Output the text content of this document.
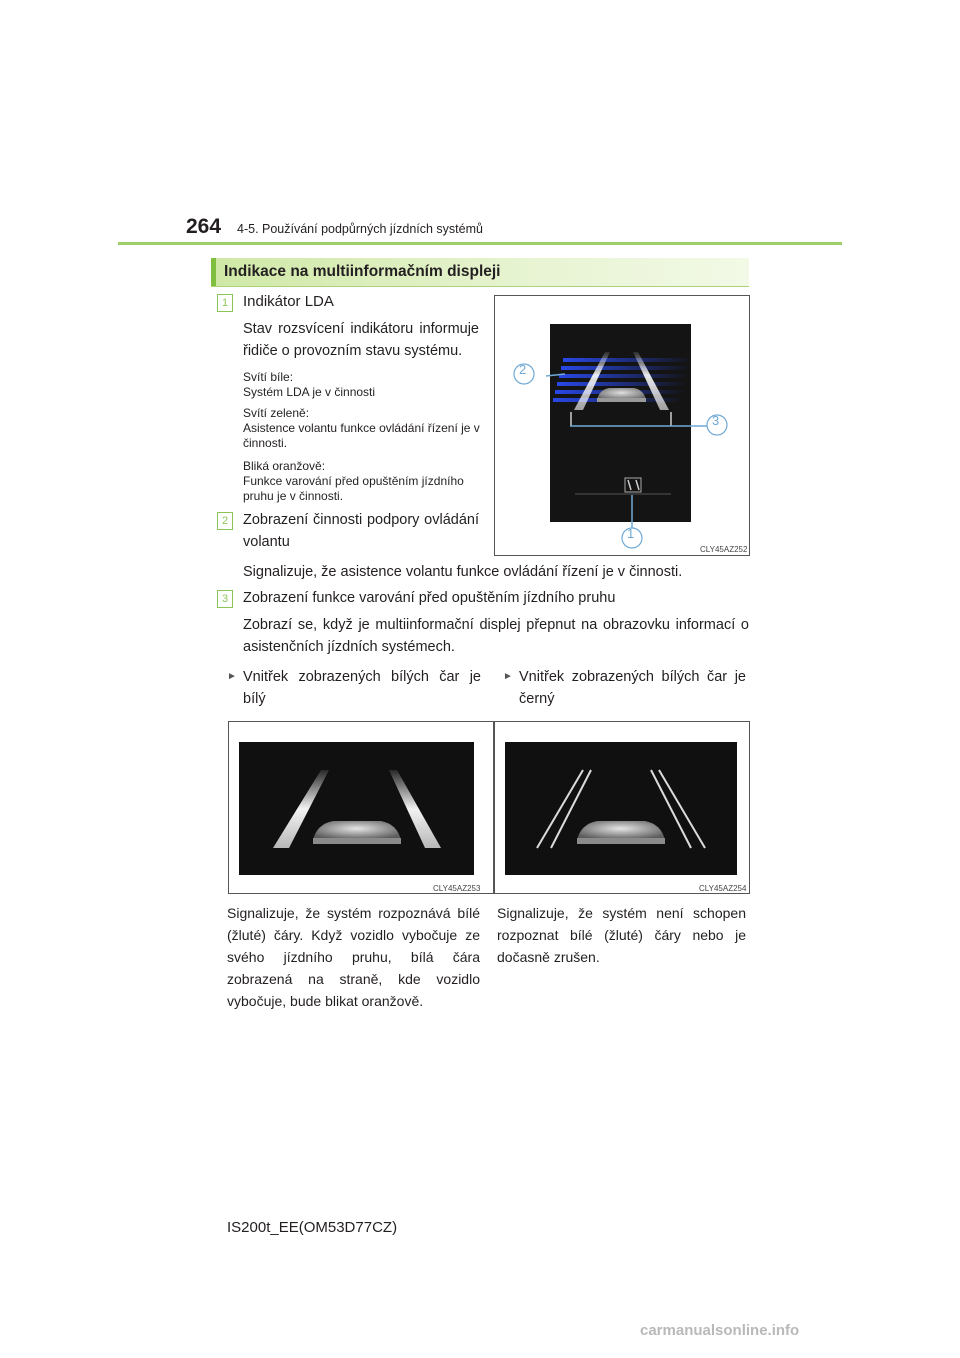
264 4-5. Používání podpůrných jízdních systémů
Indikace na multiinformačním displeji
1 Indikátor LDA
Stav rozsvícení indikátoru informuje řidiče o provozním stavu systému.
Svítí bíle:
Systém LDA je v činnosti
Svítí zeleně:
Asistence volantu funkce ovládání řízení je v činnosti.
Bliká oranžově:
Funkce varování před opuštěním jízdního pruhu je v činnosti.
2	Zobrazení činnosti podpory ovládání volantu
Signalizuje, že asistence volantu funkce ovládání řízení je v činnosti.
3	Zobrazení funkce varování před opuštěním jízdního pruhu
Zobrazí se, když je multiinformační displej přepnut na obrazovku informací o asistenčních jízdních systémech.
2
3
1
CLY45AZ252
► Vnitřek zobrazených bílých čar je bílý
► Vnitřek zobrazených bílých čar je černý
CLY45AZ253	CLY45AZ254
Signalizuje, že systém rozpoznává bílé (žluté) čáry. Když vozidlo vybočuje ze svého jízdního pruhu, bílá čára zobrazená na straně, kde vozidlo vybočuje, bude blikat oranžově.
Signalizuje, že systém není schopen rozpoznat bílé (žluté) čáry nebo je dočasně zrušen.
IS200t_EE(OM53D77CZ)
carmanualsonline.info
